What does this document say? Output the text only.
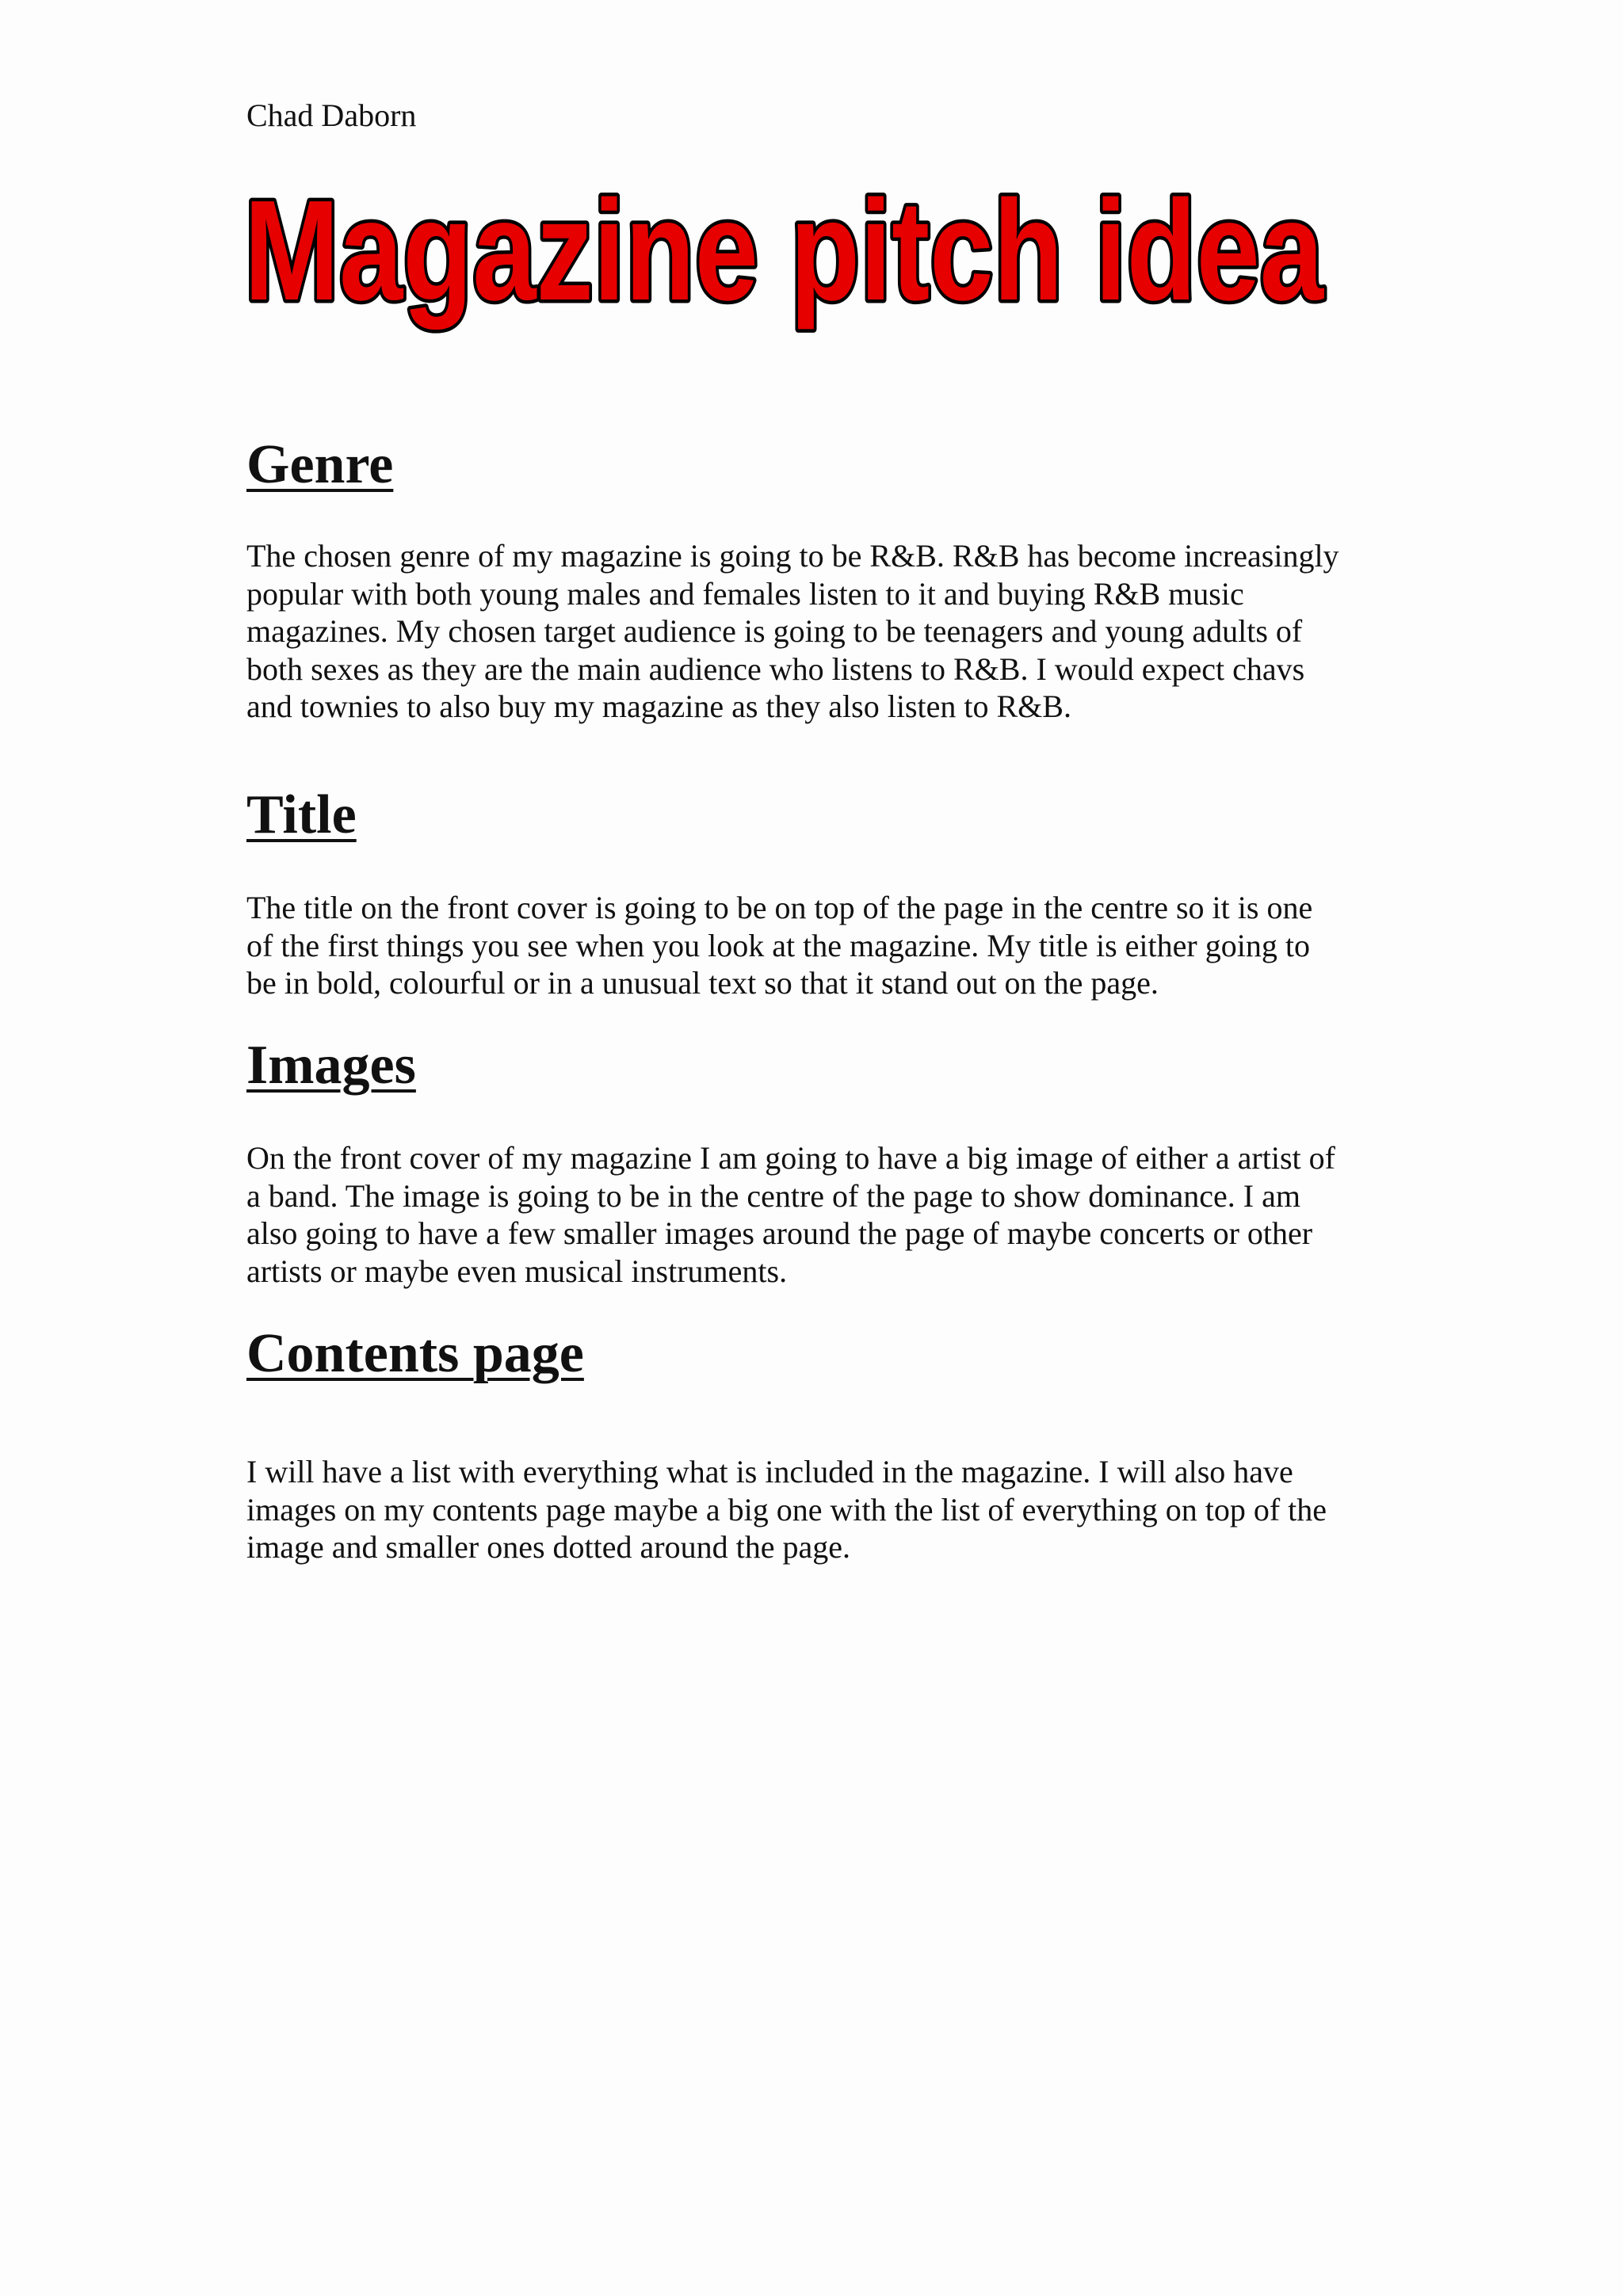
Chad Daborn
Magazine pitch idea
Genre
The chosen genre of my magazine is going to be R&B. R&B has become increasingly
popular with both young males and females listen to it and buying R&B music
magazines. My chosen target audience is going to be teenagers and young adults of
both sexes as they are the main audience who listens to R&B. I would expect chavs
and townies to also buy my magazine as they also listen to R&B.
Title
The title on the front cover is going to be on top of the page in the centre so it is one
of the first things you see when you look at the magazine. My title is either going to
be in bold, colourful or in a unusual text so that it stand out on the page.
Images
On the front cover of my magazine I am going to have a big image of either a artist of
a band. The image is going to be in the centre of the page to show dominance. I am
also going to have a few smaller images around the page of maybe concerts or other
artists or maybe even musical instruments.
Contents page
I will have a list with everything what is included in the magazine. I will also have
images on my contents page maybe a big one with the list of everything on top of the
image and smaller ones dotted around the page.
